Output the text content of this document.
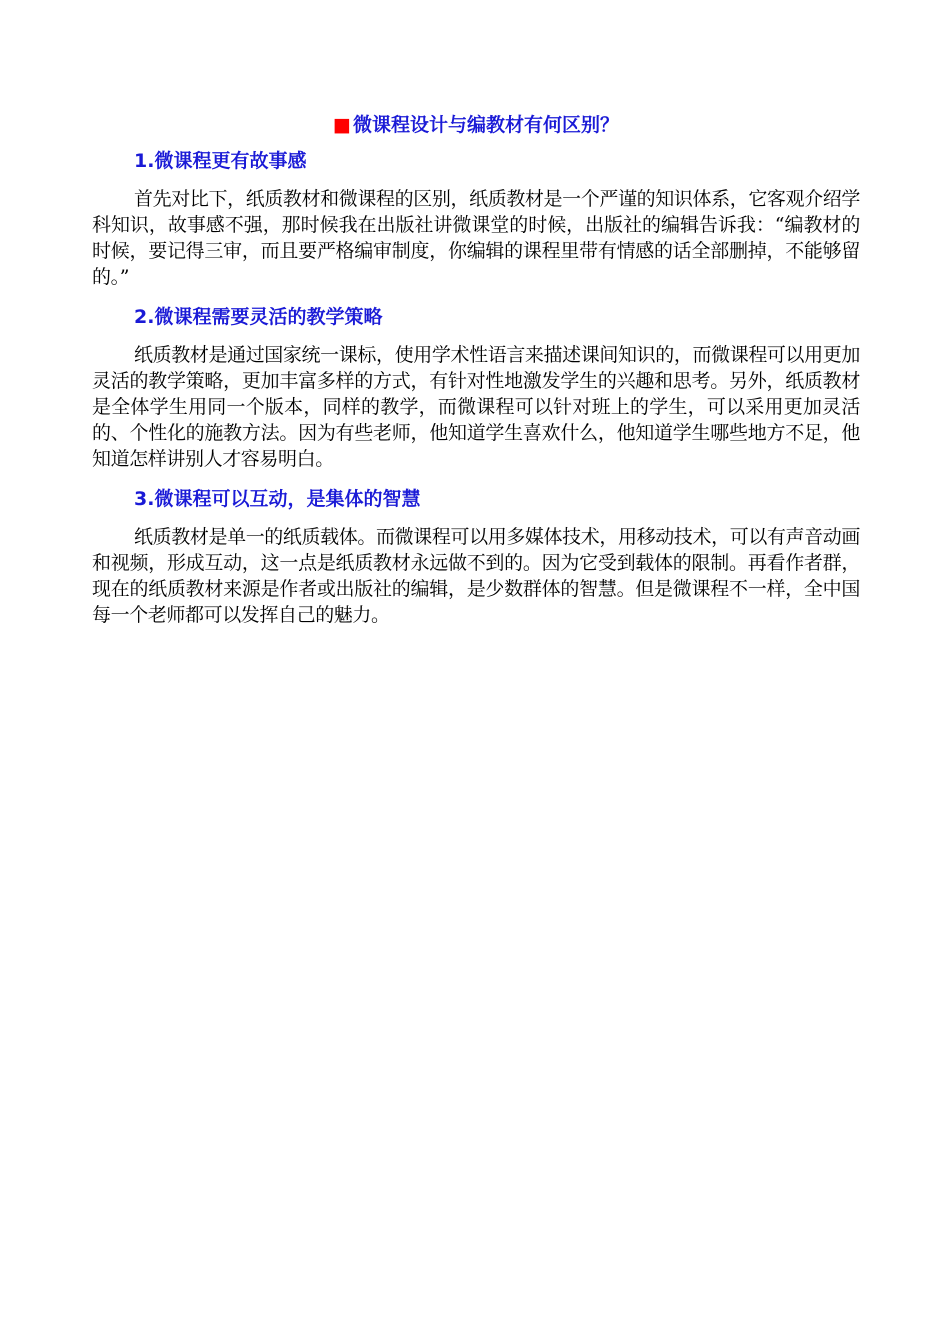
■ 微课程设计与编教材有何区别？
1.微课程更有故事感

首先对比下，纸质教材和微课程的区别，纸质教材是一个严谨的知识体系，它客观介绍学科知识，故事感不强，那时候我在出版社讲微课堂的时候，出版社的编辑告诉我：“编教材的时候，要记得三审，而且要严格编审制度，你编辑的课程里带有情感的话全部删掉，不能够留的。”

2.微课程需要灵活的教学策略

纸质教材是通过国家统一课标，使用学术性语言来描述课间知识的，而微课程可以用更加灵活的教学策略，更加丰富多样的方式，有针对性地激发学生的兴趣和思考。另外，纸质教材是全体学生用同一个版本，同样的教学，而微课程可以针对班上的学生，可以采用更加灵活的、个性化的施教方法。因为有些老师，他知道学生喜欢什么，他知道学生哪些地方不足，他知道怎样讲别人才容易明白。

3.微课程可以互动，是集体的智慧

纸质教材是单一的纸质载体。而微课程可以用多媒体技术，用移动技术，可以有声音动画和视频，形成互动，这一点是纸质教材永远做不到的。因为它受到载体的限制。再看作者群，现在的纸质教材来源是作者或出版社的编辑，是少数群体的智慧。但是微课程不一样，全中国每一个老师都可以发挥自己的魅力。
